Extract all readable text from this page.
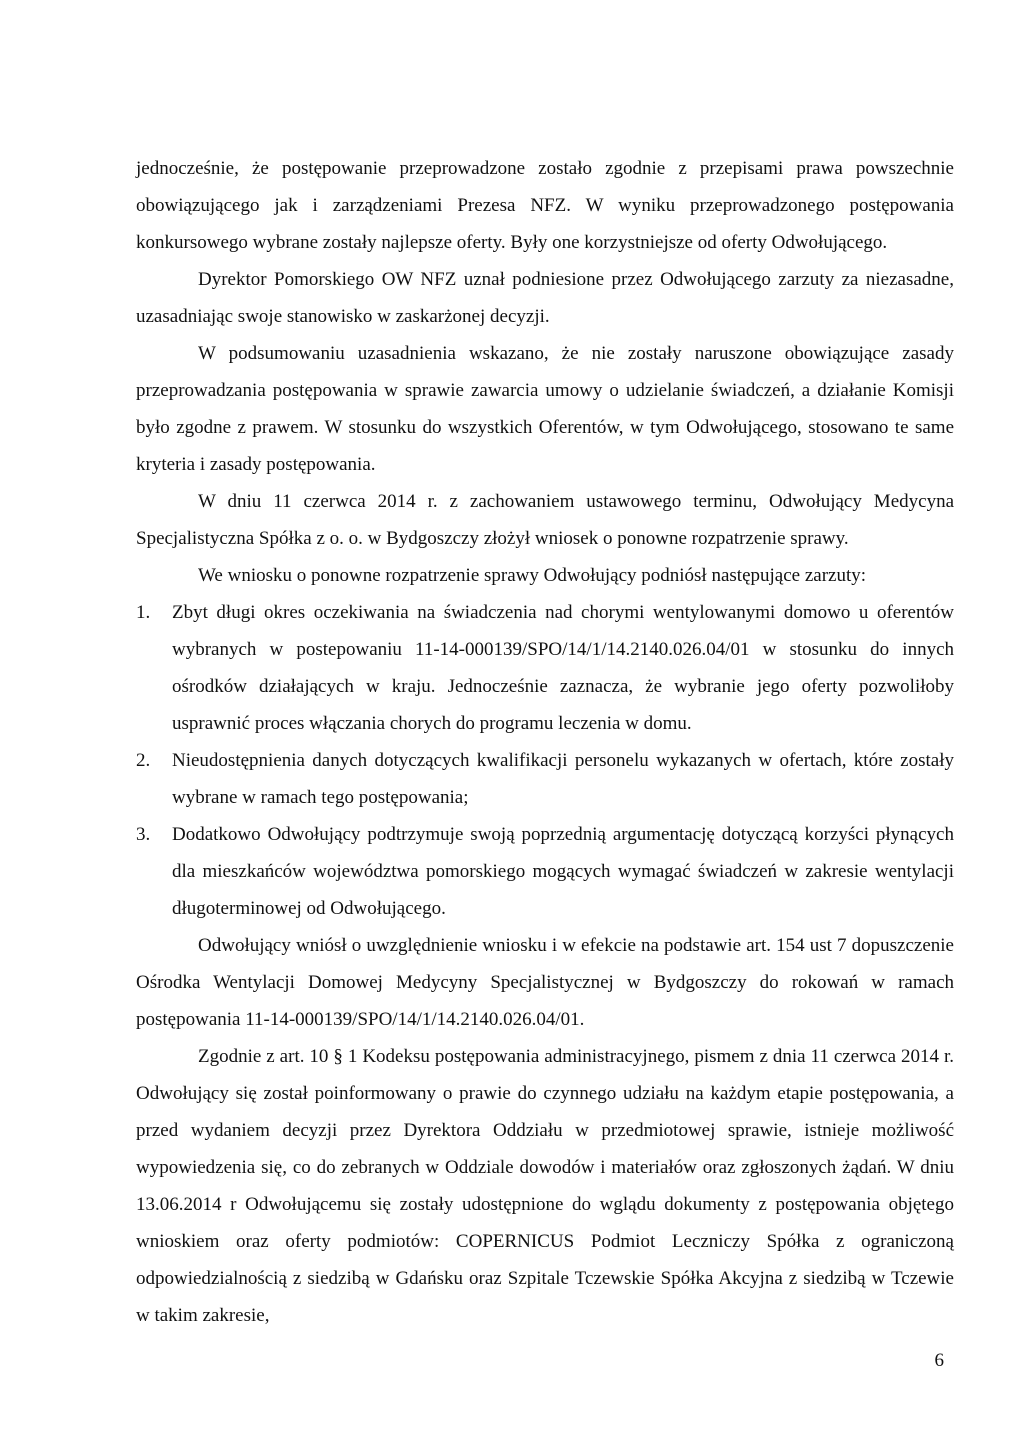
jednocześnie, że postępowanie przeprowadzone zostało zgodnie z przepisami prawa powszechnie obowiązującego jak i zarządzeniami Prezesa NFZ. W wyniku przeprowadzonego postępowania konkursowego wybrane zostały najlepsze oferty. Były one korzystniejsze od oferty Odwołującego.

Dyrektor Pomorskiego OW NFZ uznał podniesione przez Odwołującego zarzuty za niezasadne, uzasadniając swoje stanowisko w zaskarżonej decyzji.

W podsumowaniu uzasadnienia wskazano, że nie zostały naruszone obowiązujące zasady przeprowadzania postępowania w sprawie zawarcia umowy o udzielanie świadczeń, a działanie Komisji było zgodne z prawem. W stosunku do wszystkich Oferentów, w tym Odwołującego, stosowano te same kryteria i zasady postępowania.

W dniu 11 czerwca 2014 r. z zachowaniem ustawowego terminu, Odwołujący Medycyna Specjalistyczna Spółka z o. o. w Bydgoszczy złożył wniosek o ponowne rozpatrzenie sprawy.

We wniosku o ponowne rozpatrzenie sprawy Odwołujący podniósł następujące zarzuty:

1. Zbyt długi okres oczekiwania na świadczenia nad chorymi wentylowanymi domowo u oferentów wybranych w postepowaniu 11-14-000139/SPO/14/1/14.2140.026.04/01 w stosunku do innych ośrodków działających w kraju. Jednocześnie zaznacza, że wybranie jego oferty pozwoliłoby usprawnić proces włączania chorych do programu leczenia w domu.
2. Nieudostępnienia danych dotyczących kwalifikacji personelu wykazanych w ofertach, które zostały wybrane w ramach tego postępowania;
3. Dodatkowo Odwołujący podtrzymuje swoją poprzednią argumentację dotyczącą korzyści płynących dla mieszkańców województwa pomorskiego mogących wymagać świadczeń w zakresie wentylacji długoterminowej od Odwołującego.

Odwołujący wniósł o uwzględnienie wniosku i w efekcie na podstawie art. 154 ust 7 dopuszczenie Ośrodka Wentylacji Domowej Medycyny Specjalistycznej w Bydgoszczy do rokowań w ramach postępowania 11-14-000139/SPO/14/1/14.2140.026.04/01.

Zgodnie z art. 10 § 1 Kodeksu postępowania administracyjnego, pismem z dnia 11 czerwca 2014 r. Odwołujący się został poinformowany o prawie do czynnego udziału na każdym etapie postępowania, a przed wydaniem decyzji przez Dyrektora Oddziału w przedmiotowej sprawie, istnieje możliwość wypowiedzenia się, co do zebranych w Oddziale dowodów i materiałów oraz zgłoszonych żądań. W dniu 13.06.2014 r Odwołującemu się zostały udostępnione do wglądu dokumenty z postępowania objętego wnioskiem oraz oferty podmiotów: COPERNICUS Podmiot Leczniczy Spółka z ograniczoną odpowiedzialnością z siedzibą w Gdańsku oraz Szpitale Tczewskie Spółka Akcyjna z siedzibą w Tczewie w takim zakresie,

6
